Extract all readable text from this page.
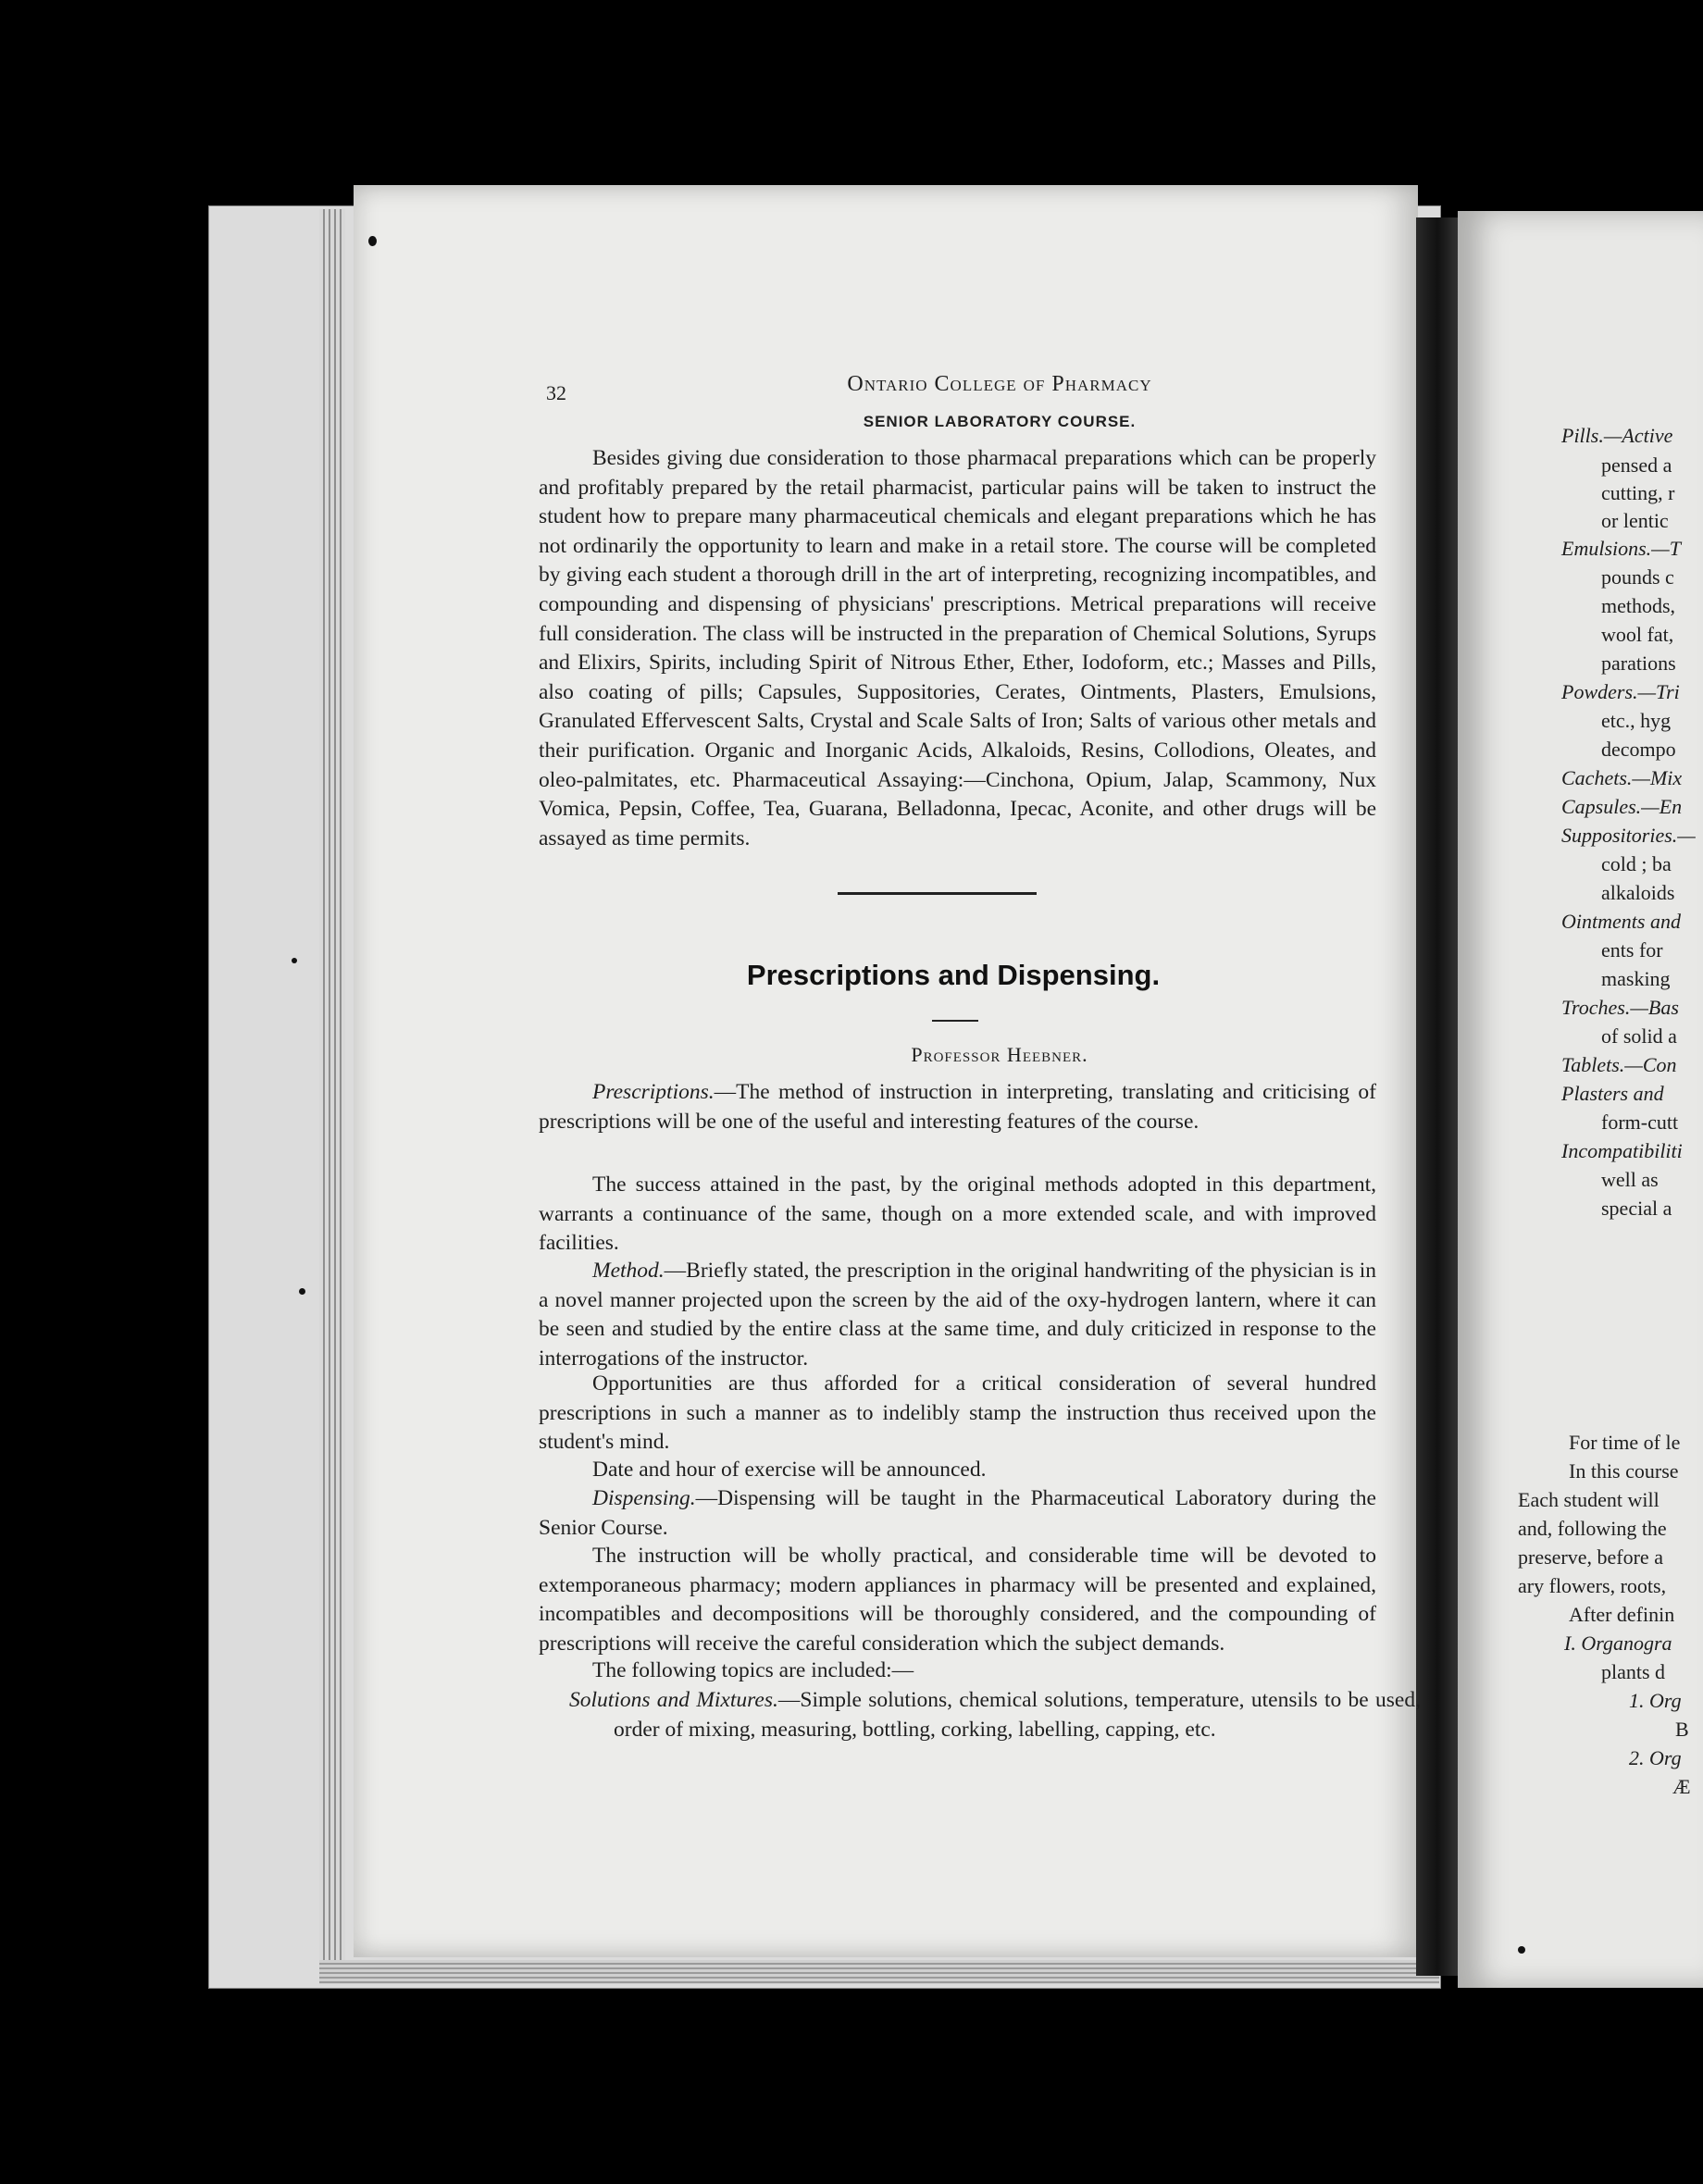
Pills.—Active
pensed a
cutting, r
or lentic
Emulsions.—T
pounds c
methods,
wool fat,
parations
Powders.—Tri
etc., hyg
decompo
Cachets.—Mix
Capsules.—En
Suppositories.—
cold ; ba
alkaloids
Ointments and
ents for
masking
Troches.—Bas
of solid a
Tablets.—Con
Plasters and
form-cutt
Incompatibiliti
well as
special a
For time of le
In this course
Each student will
and, following the
preserve, before a
ary flowers, roots,
After definin
I. Organogra
plants d
1. Org
B
2. Org
Æ
32	Ontario College of Pharmacy
SENIOR LABORATORY COURSE.

Besides giving due consideration to those pharmacal preparations which can be properly and profitably prepared by the retail pharmacist, particular pains will be taken to instruct the student how to prepare many pharmaceutical chemicals and elegant preparations which he has not ordinarily the opportunity to learn and make in a retail store. The course will be completed by giving each student a thorough drill in the art of interpreting, recognizing incompatibles, and compounding and dispensing of physicians' prescriptions. Metrical preparations will receive full consideration. The class will be instructed in the preparation of Chemical Solutions, Syrups and Elixirs, Spirits, including Spirit of Nitrous Ether, Ether, Iodoform, etc.; Masses and Pills, also coating of pills; Capsules, Suppositories, Cerates, Ointments, Plasters, Emulsions, Granulated Effervescent Salts, Crystal and Scale Salts of Iron; Salts of various other metals and their purification. Organic and Inorganic Acids, Alkaloids, Resins, Collodions, Oleates, and oleo-palmitates, etc. Pharmaceutical Assaying:—Cinchona, Opium, Jalap, Scammony, Nux Vomica, Pepsin, Coffee, Tea, Guarana, Belladonna, Ipecac, Aconite, and other drugs will be assayed as time permits.

Prescriptions and Dispensing.
Professor Heebner.

Prescriptions.—The method of instruction in interpreting, translating and criticising of prescriptions will be one of the useful and interesting features of the course.

The success attained in the past, by the original methods adopted in this department, warrants a continuance of the same, though on a more extended scale, and with improved facilities.

Method.—Briefly stated, the prescription in the original handwriting of the physician is in a novel manner projected upon the screen by the aid of the oxy-hydrogen lantern, where it can be seen and studied by the entire class at the same time, and duly criticized in response to the interrogations of the instructor.

Opportunities are thus afforded for a critical consideration of several hundred prescriptions in such a manner as to indelibly stamp the instruction thus received upon the student's mind.

Date and hour of exercise will be announced.

Dispensing.—Dispensing will be taught in the Pharmaceutical Laboratory during the Senior Course.

The instruction will be wholly practical, and considerable time will be devoted to extemporaneous pharmacy; modern appliances in pharmacy will be presented and explained, incompatibles and decompositions will be thoroughly considered, and the compounding of prescriptions will receive the careful consideration which the subject demands.

The following topics are included:—

Solutions and Mixtures.—Simple solutions, chemical solutions, temperature, utensils to be used, order of mixing, measuring, bottling, corking, labelling, capping, etc.
